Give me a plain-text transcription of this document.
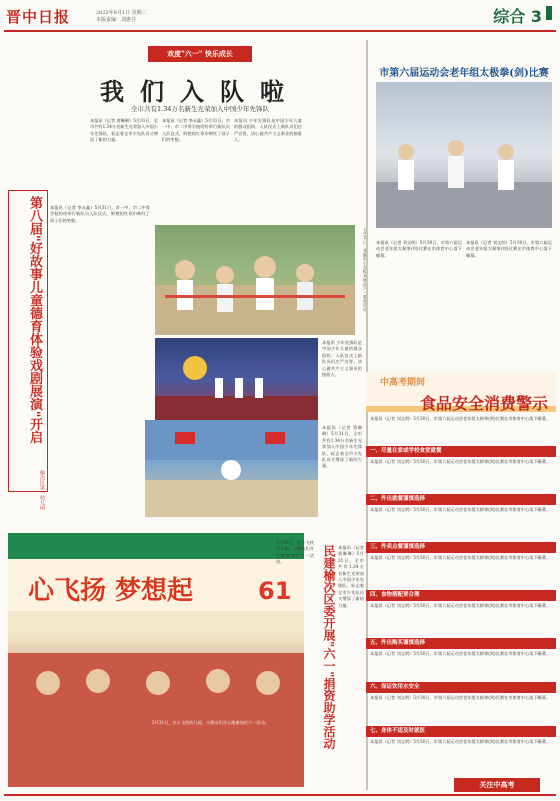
晋中日报	2022年6月1日 星期三
本版责编：刘惠芬	综合 3
欢度"六一" 快乐成长
我们入队啦
全市共有1.34万名新生光荣加入中国少年先锋队
本报讯（记者 贾琳琳）5月31日，全市共有1.34万名新生光荣加入中国少年先锋队，标志着全市少先队员又增添了新的力量。
本报讯（记者 李永鑫）5月31日，市一中、市二中等学校纷纷举行新队员入队仪式，鲜艳的红领巾映红了孩子们的笑脸。
本报讯 少年先锋队是中国少年儿童的群众组织，入队仪式上新队员们庄严宣誓，决心做共产主义事业的接班人。
第八届"好故事儿童德育体验戏剧展演"开启
榆次区第一幼儿园
本报讯（记者 李永鑫）5月31日，市一中、市二中等学校纷纷举行新队员入队仪式，鲜艳的红领巾映红了孩子们的笑脸。
本报讯 少年先锋队是中国少年儿童的群众组织，入队仪式上新队员们庄严宣誓，决心做共产主义事业的接班人。
本报讯（记者 贾琳琳）5月31日，全市共有1.34万名新生光荣加入中国少年先锋队，标志着全市少先队员又增添了新的力量。
心飞扬 梦想起	61
5月31日，在小飞侠幼儿园，小朋友们开心地参加庆六一活动。
5月31日，在小飞侠幼儿园，小朋友们开心地参加庆六一活动。	民建榆次区委开展"六一"捐资助学活动 本报讯（记者 贾琳琳）5月31日，全市共有1.34万名新生光荣加入中国少年先锋队，标志着全市少先队员又增添了新的力量。
市第六届运动会老年组太极拳(剑)比赛
本报讯（记者 刘文明）5月30日，市第六届运动会老年组太极拳(剑)比赛在市体育中心落下帷幕。
本报讯（记者 刘文明）5月30日，市第六届运动会老年组太极拳(剑)比赛在市体育中心落下帷幕。
中高考期间
食品安全消费警示
本报讯（记者 刘文明）5月30日，市第六届运动会老年组太极拳(剑)比赛在市体育中心落下帷幕。
一、尽量在家或学校食堂就餐
本报讯（记者 刘文明）5月30日，市第六届运动会老年组太极拳(剑)比赛在市体育中心落下帷幕。
二、外出就餐谨慎选择
本报讯（记者 刘文明）5月30日，市第六届运动会老年组太极拳(剑)比赛在市体育中心落下帷幕。
三、外卖点餐谨慎选择
本报讯（记者 刘文明）5月30日，市第六届运动会老年组太极拳(剑)比赛在市体育中心落下帷幕。
四、食物搭配要合理
本报讯（记者 刘文明）5月30日，市第六届运动会老年组太极拳(剑)比赛在市体育中心落下帷幕。
五、外出购买谨慎选择
本报讯（记者 刘文明）5月30日，市第六届运动会老年组太极拳(剑)比赛在市体育中心落下帷幕。
六、保证饮用水安全
本报讯（记者 刘文明）5月30日，市第六届运动会老年组太极拳(剑)比赛在市体育中心落下帷幕。
七、身体不适及时就医
本报讯（记者 刘文明）5月30日，市第六届运动会老年组太极拳(剑)比赛在市体育中心落下帷幕。
关注中高考
